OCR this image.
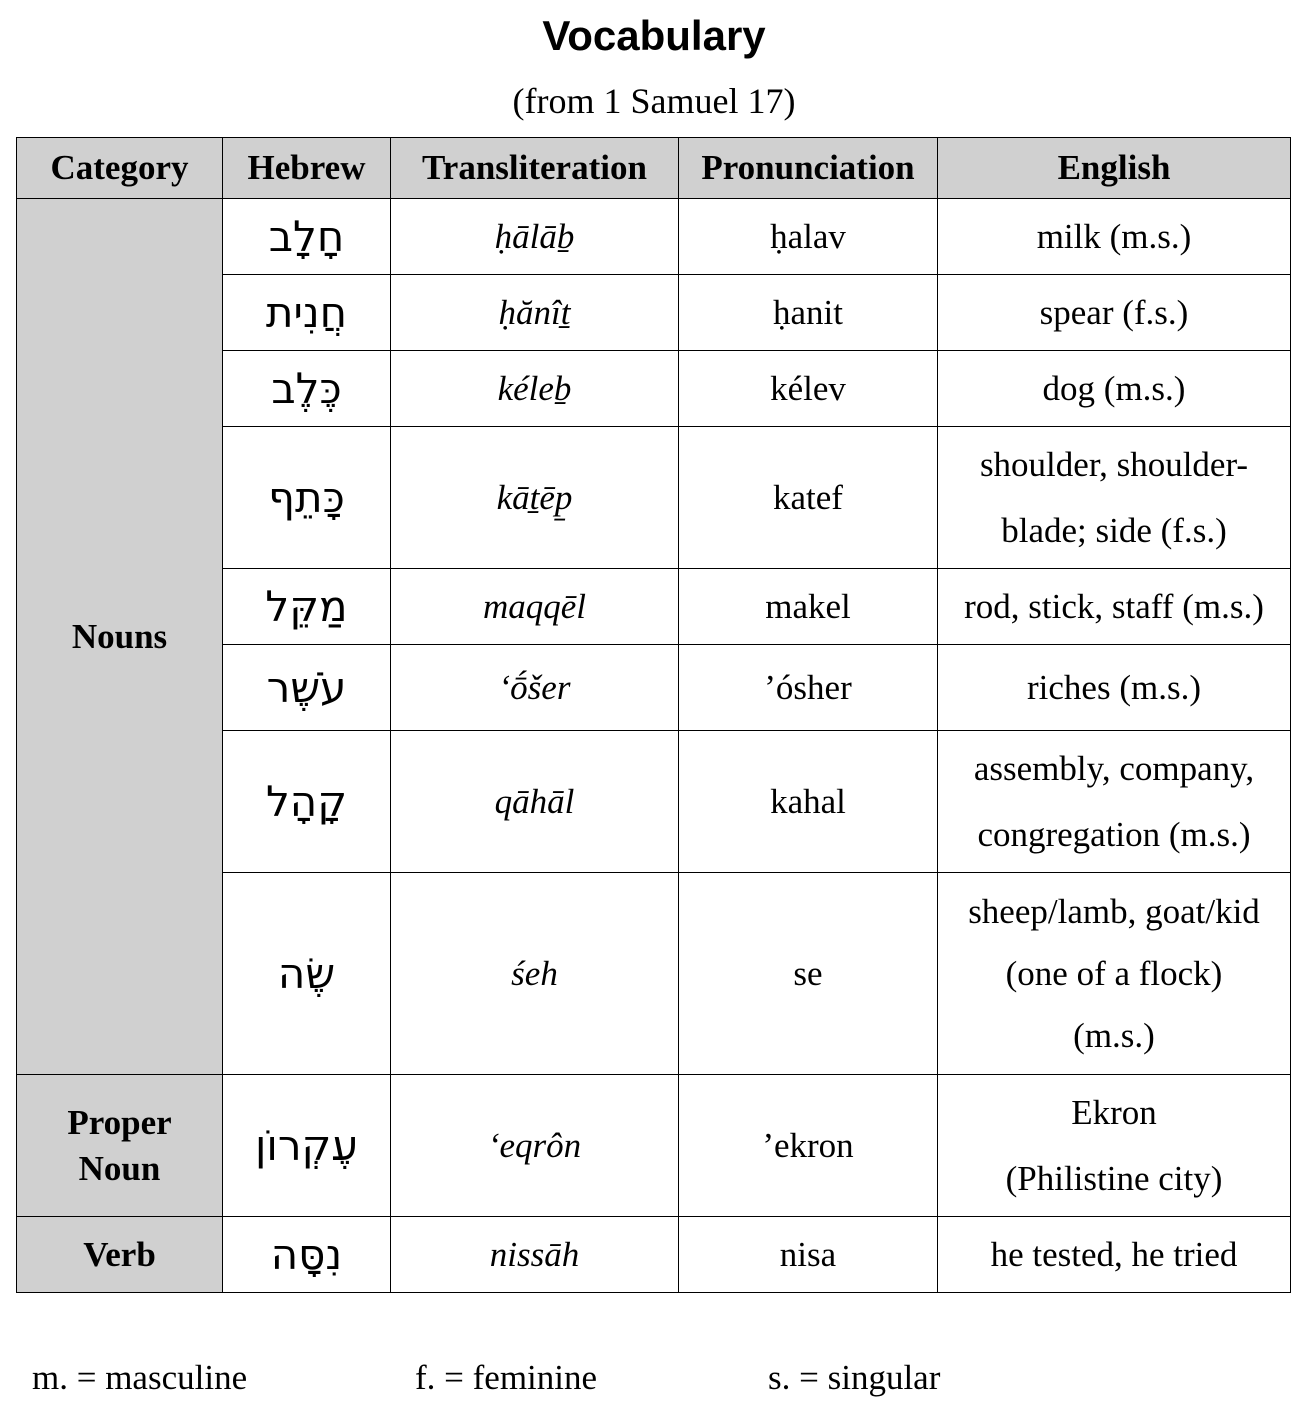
Vocabulary
(from 1 Samuel 17)
Category	Hebrew	Transliteration	Pronunciation	English
Nouns	חָלָב	ḥālāḇ	ḥalav	milk (m.s.)
	חֲנִית	ḥănîṯ	ḥanit	spear (f.s.)
	כֶּלֶב	kéleḇ	kélev	dog (m.s.)
	כָּתֵף	kāṯēp̱	katef	shoulder, shoulder-
blade; side (f.s.)
	מַקֵּל	maqqēl	makel	rod, stick, staff (m.s.)
	עֹשֶׁר	ʻṓšer	’ósher	riches (m.s.)
	קָהָל	qāhāl	kahal	assembly, company,
congregation (m.s.)
	שֶׂה	śeh	se	sheep/lamb, goat/kid
(one of a flock)
(m.s.)
Proper
Noun	עֶקְרוֹן	ʻeqrôn	’ekron	Ekron
(Philistine city)
Verb	נִסָּה	nissāh	nisa	he tested, he tried
m. = masculine	f. = feminine	s. = singular
